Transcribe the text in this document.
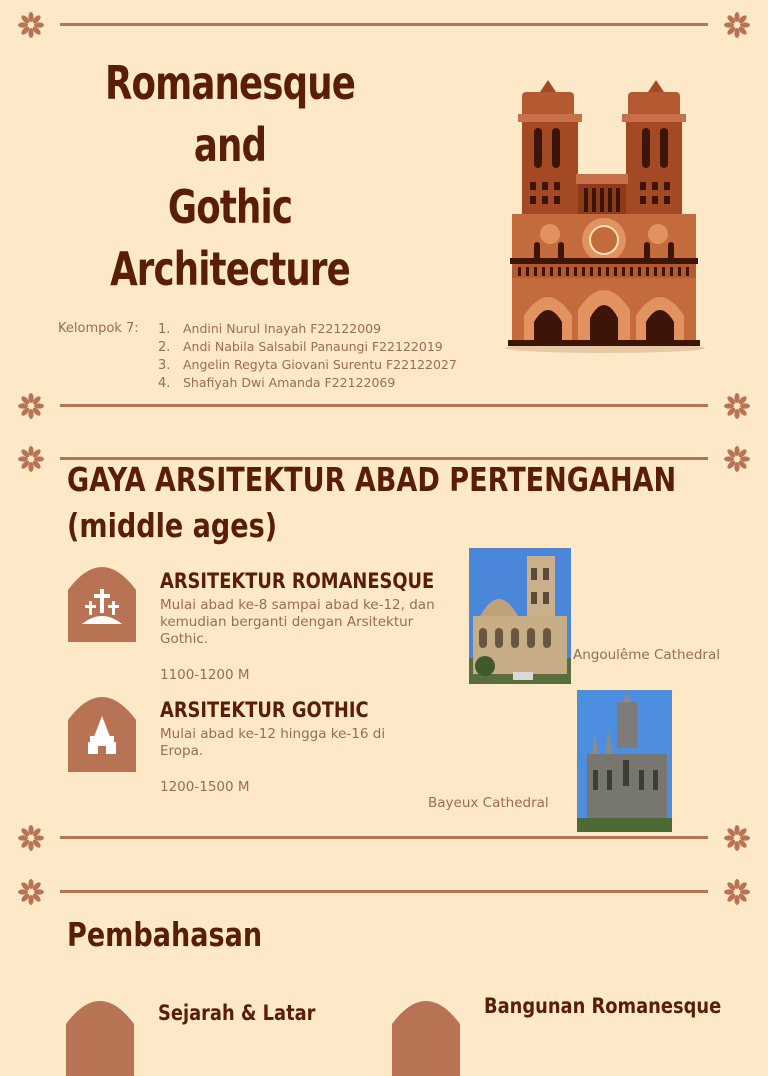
Romanesque
and
Gothic
Architecture
Kelompok 7: 1. Andini Nurul Inayah F22122009
2. Andi Nabila Salsabil Panaungi F22122019
3. Angelin Regyta Giovani Surentu F22122027
4. Shafiyah Dwi Amanda F22122069
GAYA ARSITEKTUR ABAD PERTENGAHAN
(middle ages)
ARSITEKTUR ROMANESQUE
Mulai abad ke-8 sampai abad ke-12, dan kemudian berganti dengan Arsitektur Gothic.
1100-1200 M
Angoulême Cathedral
ARSITEKTUR GOTHIC
Mulai abad ke-12 hingga ke-16 di Eropa.
1200-1500 M
Bayeux Cathedral
Pembahasan
Sejarah & Latar	Bangunan Romanesque
